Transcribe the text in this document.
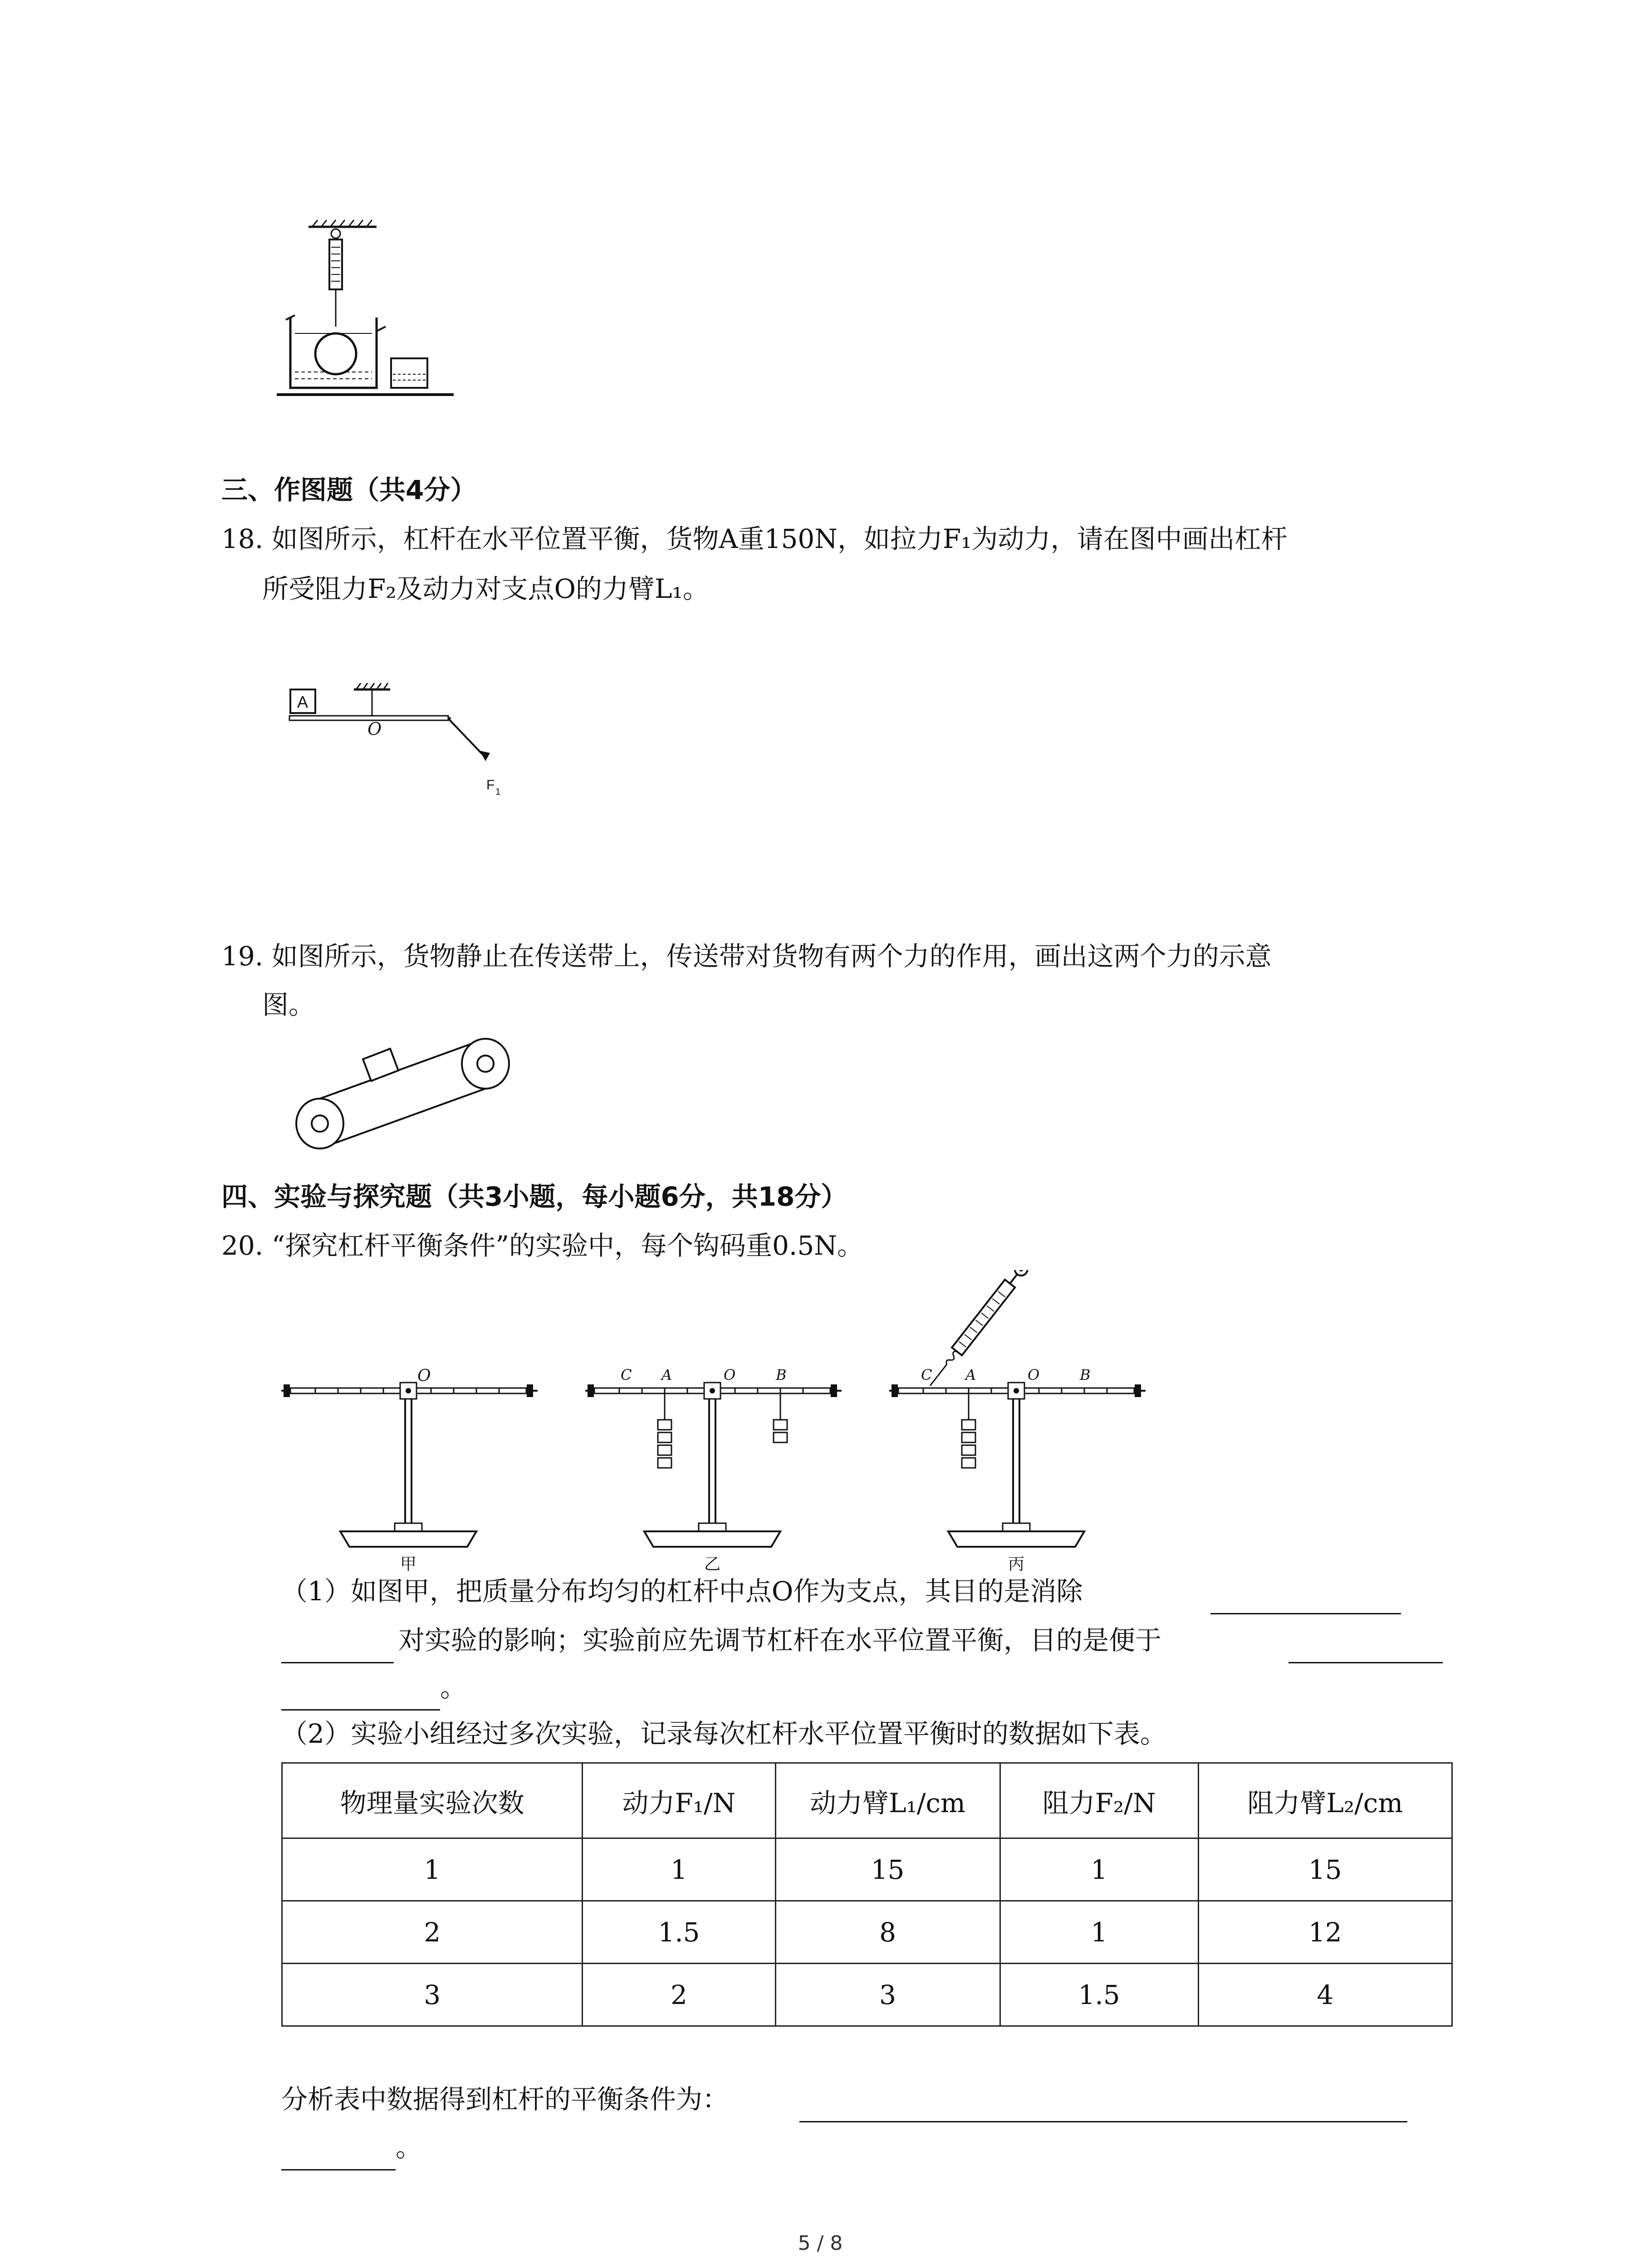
三、作图题（共4分）
18. 如图所示，杠杆在水平位置平衡，货物A重150N，如拉力F₁为动力，请在图中画出杠杆
所受阻力F₂及动力对支点O的力臂L₁。
A
O
F 1
19. 如图所示，货物静止在传送带上，传送带对货物有两个力的作用，画出这两个力的示意
图。
四、实验与探究题（共3小题，每小题6分，共18分）
20. “探究杠杆平衡条件”的实验中，每个钩码重0.5N。
O
甲
C A	O	B
乙
C A	O	B
丙
（1）如图甲，把质量分布均匀的杠杆中点O作为支点，其目的是消除
对实验的影响；实验前应先调节杠杆在水平位置平衡，目的是便于
。
（2）实验小组经过多次实验，记录每次杠杆水平位置平衡时的数据如下表。
物理量实验次数	动力F₁/N	动力臂L₁/cm	阻力F₂/N	阻力臂L₂/cm
1	1	15	1	15
2	1.5	8	1	12
3	2	3	1.5	4
分析表中数据得到杠杆的平衡条件为：
。
5 / 8
